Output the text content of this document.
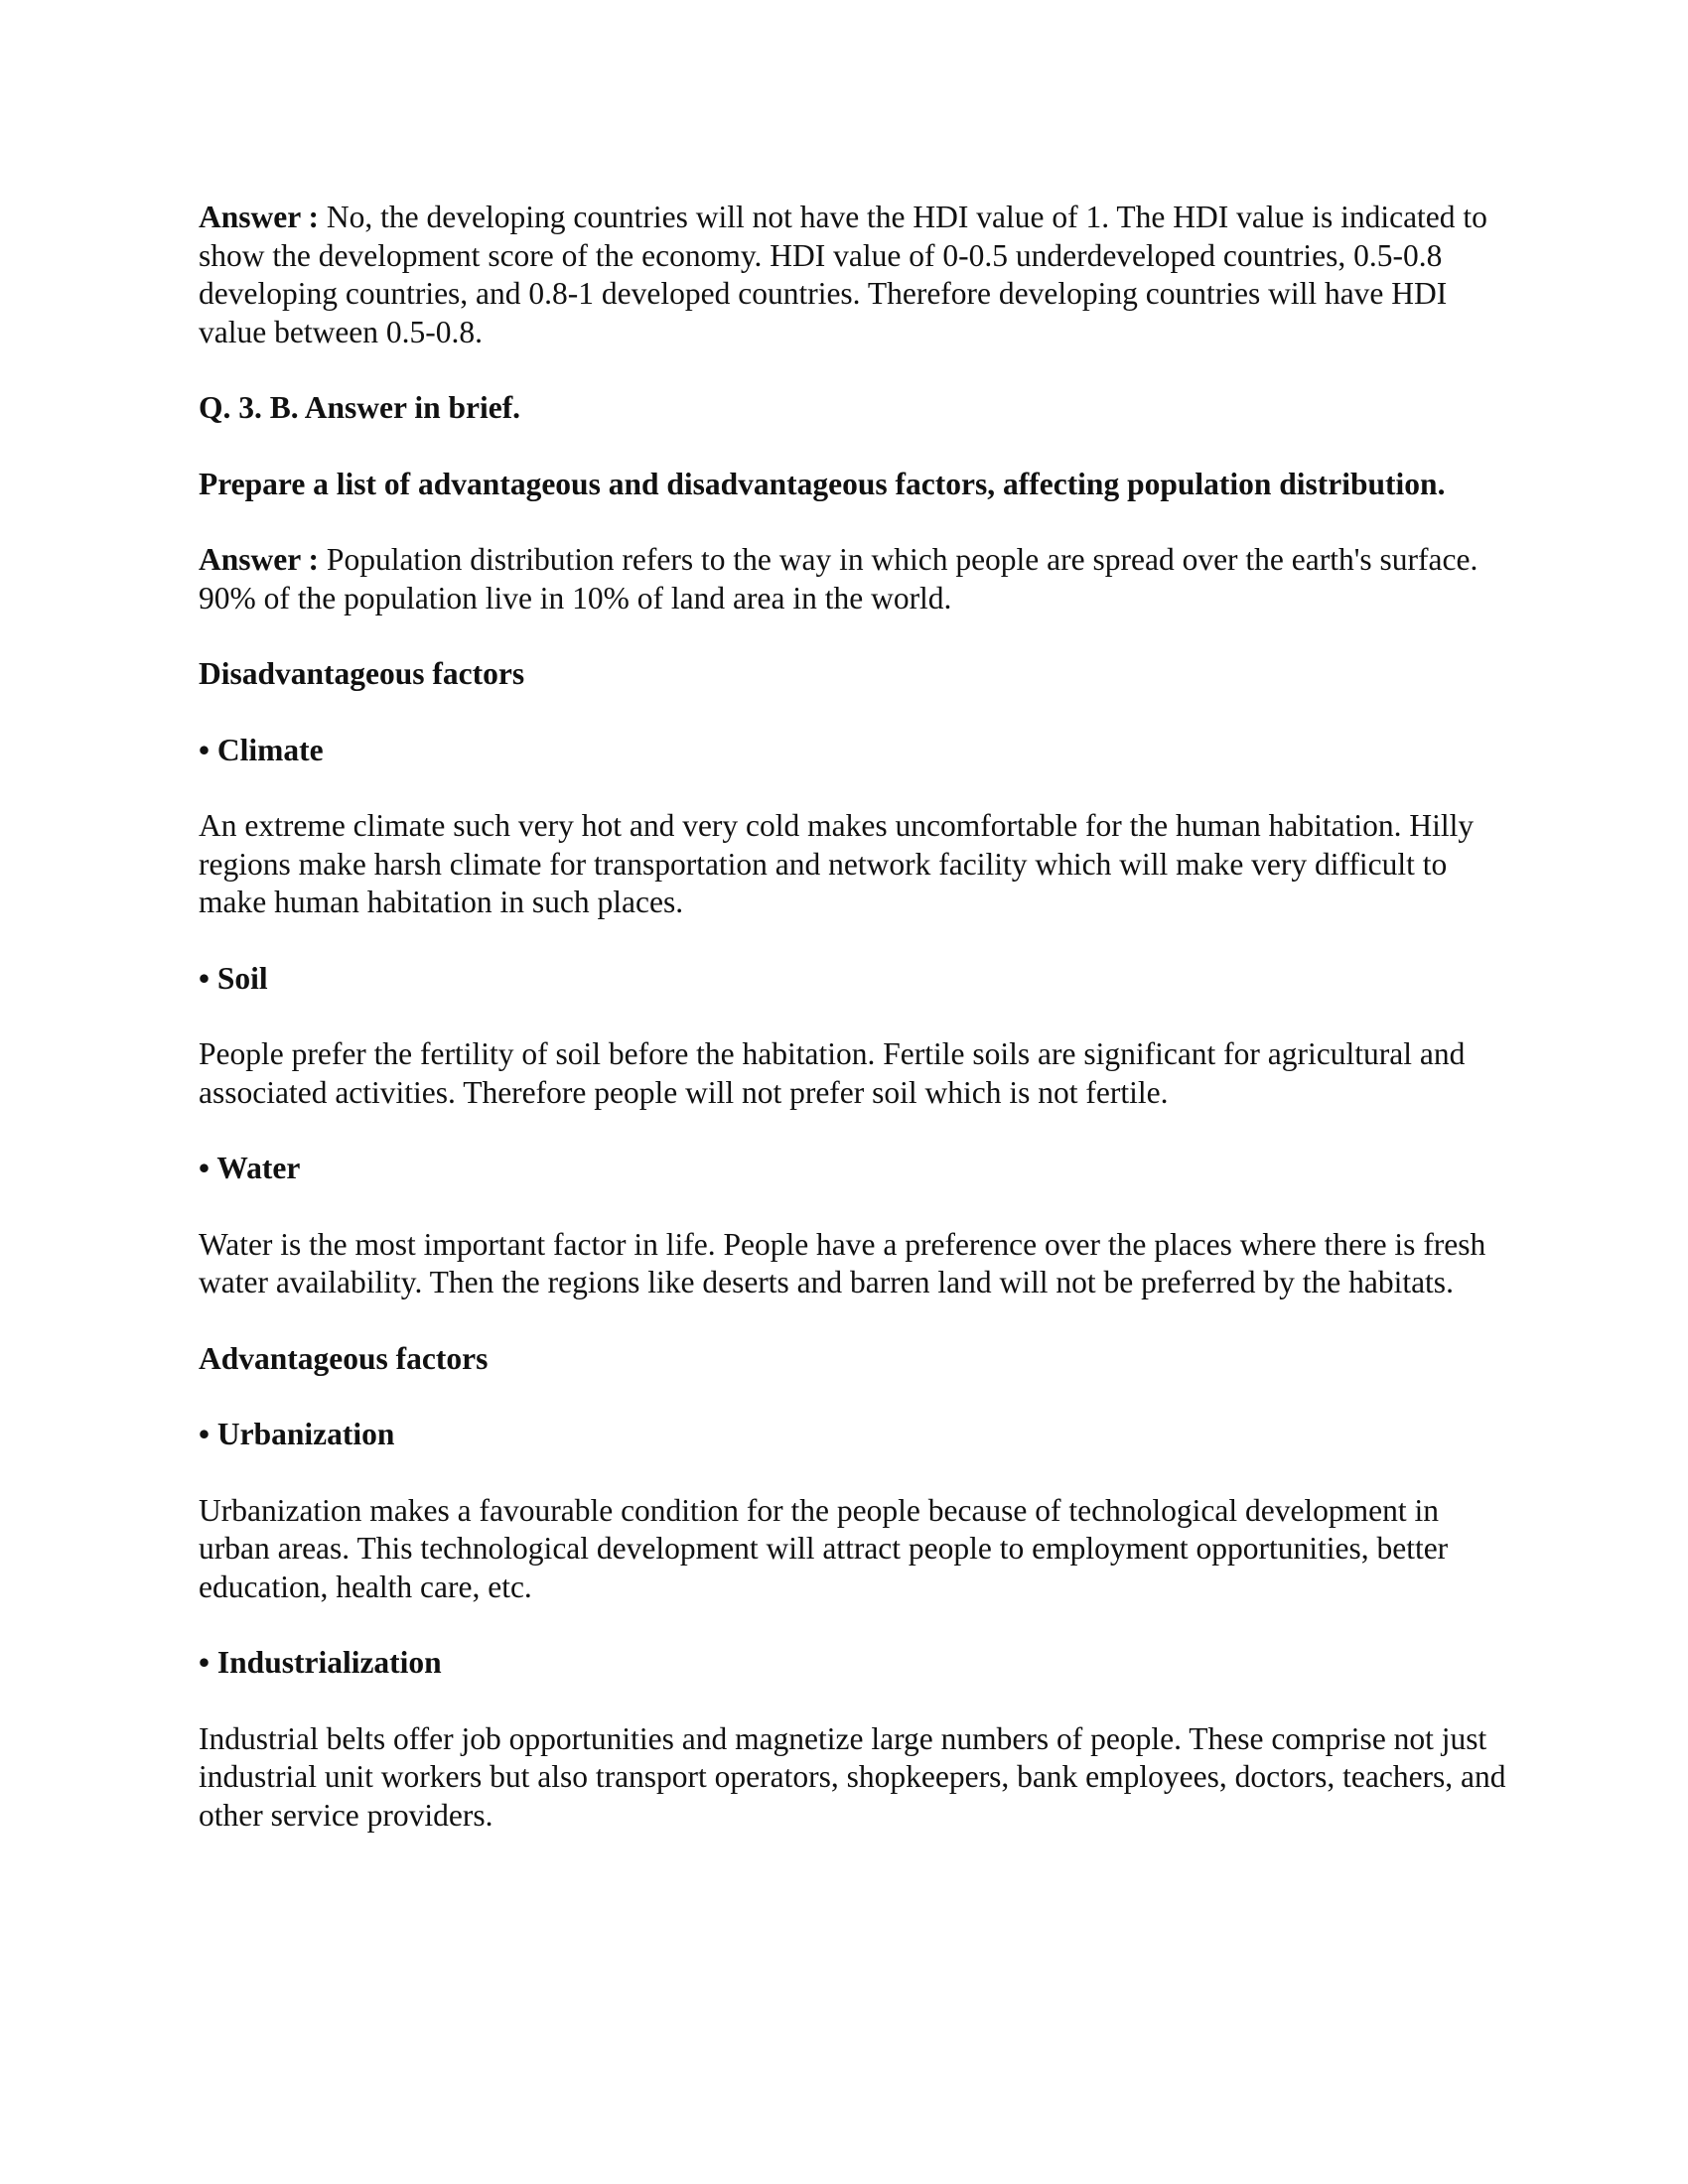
Answer : No, the developing countries will not have the HDI value of 1. The HDI value is indicated to show the development score of the economy. HDI value of 0-0.5 underdeveloped countries, 0.5-0.8 developing countries, and 0.8-1 developed countries. Therefore developing countries will have HDI value between 0.5-0.8.

Q. 3. B. Answer in brief.

Prepare a list of advantageous and disadvantageous factors, affecting population distribution.

Answer : Population distribution refers to the way in which people are spread over the earth's surface. 90% of the population live in 10% of land area in the world.

Disadvantageous factors

• Climate

An extreme climate such very hot and very cold makes uncomfortable for the human habitation. Hilly regions make harsh climate for transportation and network facility which will make very difficult to make human habitation in such places.

• Soil

People prefer the fertility of soil before the habitation. Fertile soils are significant for agricultural and associated activities. Therefore people will not prefer soil which is not fertile.

• Water

Water is the most important factor in life. People have a preference over the places where there is fresh water availability. Then the regions like deserts and barren land will not be preferred by the habitats.

Advantageous factors

• Urbanization

Urbanization makes a favourable condition for the people because of technological development in urban areas. This technological development will attract people to employment opportunities, better education, health care, etc.

• Industrialization

Industrial belts offer job opportunities and magnetize large numbers of people. These comprise not just industrial unit workers but also transport operators, shopkeepers, bank employees, doctors, teachers, and other service providers.
